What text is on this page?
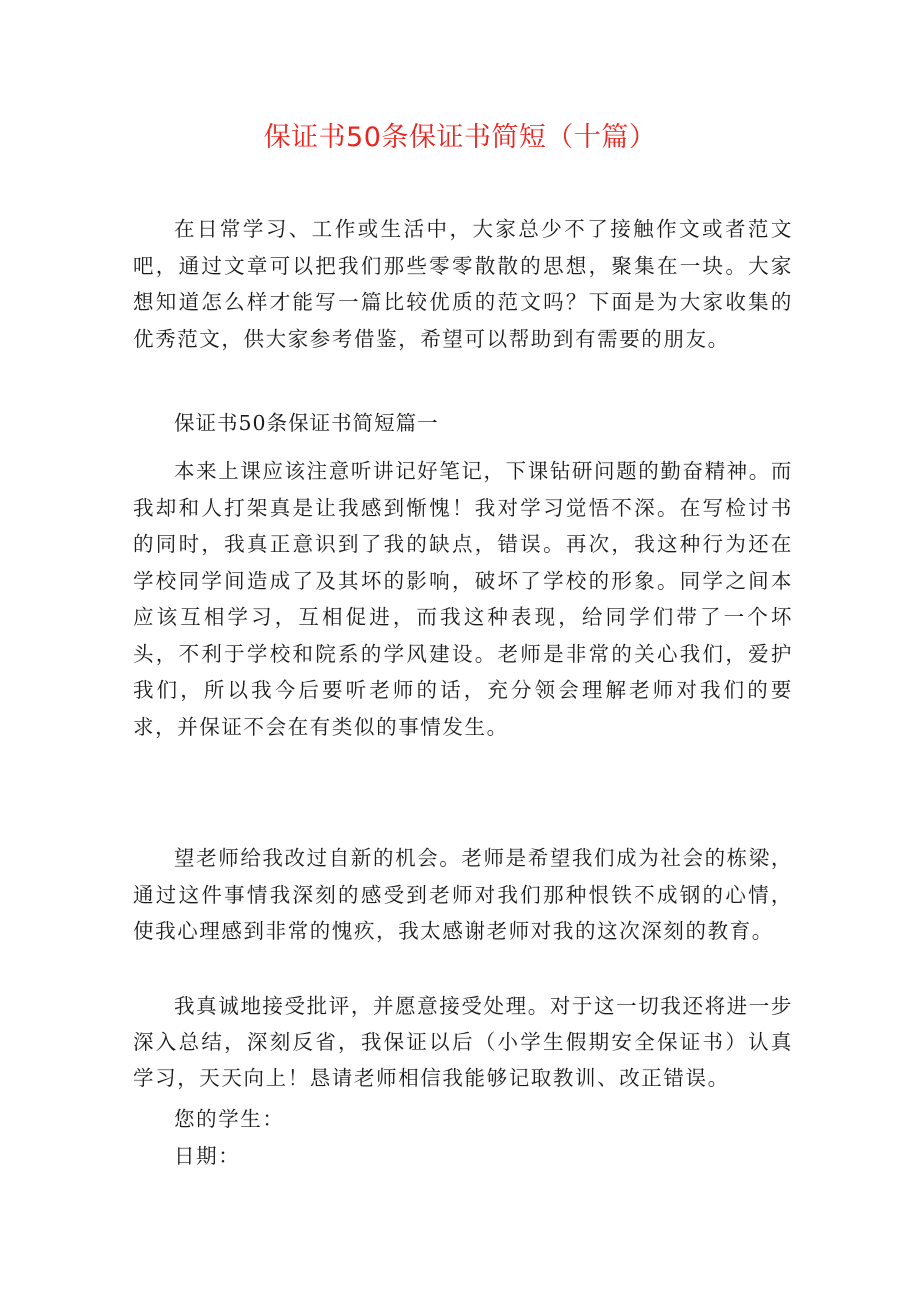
保证书50条保证书简短（十篇）

在日常学习、工作或生活中，大家总少不了接触作文或者范文吧，通过文章可以把我们那些零零散散的思想，聚集在一块。大家想知道怎么样才能写一篇比较优质的范文吗？下面是为大家收集的优秀范文，供大家参考借鉴，希望可以帮助到有需要的朋友。

保证书50条保证书简短篇一

本来上课应该注意听讲记好笔记，下课钻研问题的勤奋精神。而我却和人打架真是让我感到惭愧！我对学习觉悟不深。在写检讨书的同时，我真正意识到了我的缺点，错误。再次，我这种行为还在学校同学间造成了及其坏的影响，破坏了学校的形象。同学之间本应该互相学习，互相促进，而我这种表现，给同学们带了一个坏头，不利于学校和院系的学风建设。老师是非常的关心我们，爱护我们，所以我今后要听老师的话，充分领会理解老师对我们的要求，并保证不会在有类似的事情发生。

望老师给我改过自新的机会。老师是希望我们成为社会的栋梁，通过这件事情我深刻的感受到老师对我们那种恨铁不成钢的心情，使我心理感到非常的愧疚，我太感谢老师对我的这次深刻的教育。

我真诚地接受批评，并愿意接受处理。对于这一切我还将进一步深入总结，深刻反省，我保证以后（小学生假期安全保证书）认真学习，天天向上！恳请老师相信我能够记取教训、改正错误。

您的学生：

日期：
